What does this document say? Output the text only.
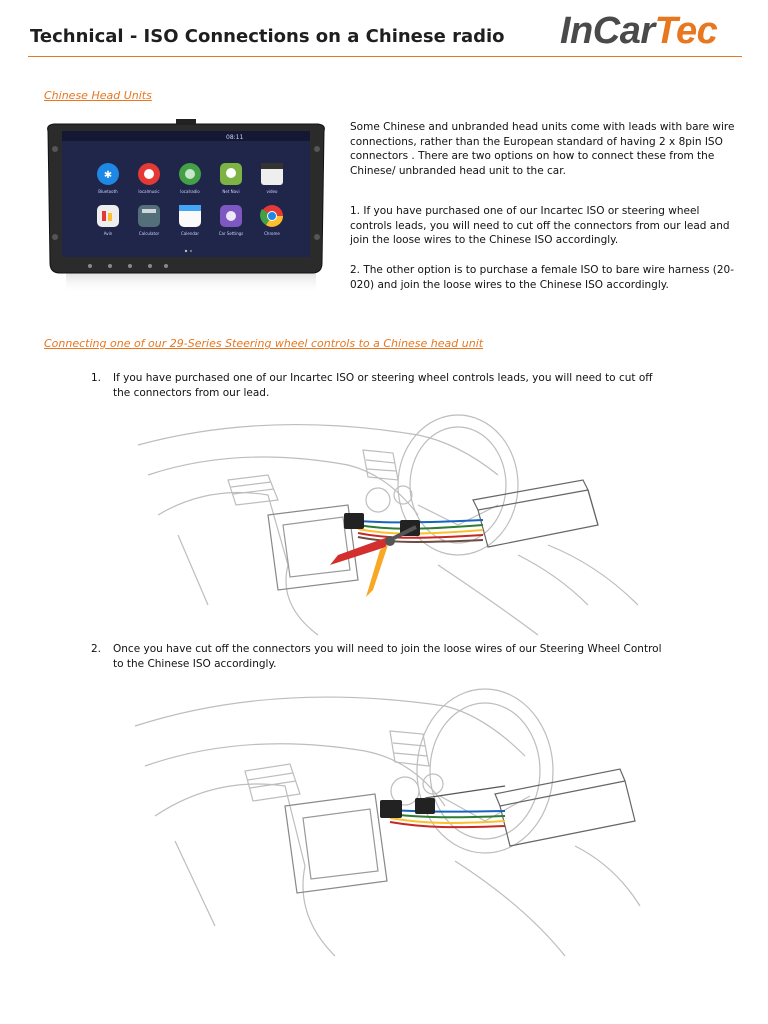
Technical - ISO Connections on a Chinese radio InCarTec
Chinese Head Units
08:11
✱
Bluetooth	localmusic	localradio	Net Navi	video
Avin	Calculator	Calendar	Car Settings	Chrome
Some Chinese and unbranded head units come with leads with bare wire connections, rather than the European standard of having 2 x 8pin ISO connectors . There are two options on how to connect these from the Chinese/ unbranded head unit to the car.
1. If you have purchased one of our Incartec ISO or steering wheel controls leads, you will need to cut off the connectors from our lead and join the loose wires to the Chinese ISO accordingly.
2. The other option is to purchase a female ISO to bare wire harness (20-020) and join the loose wires to the Chinese ISO accordingly.
Connecting one of our 29-Series Steering wheel controls to a Chinese head unit
1. If you have purchased one of our Incartec ISO or steering wheel controls leads, you will need to cut off the connectors from our lead.
2. Once you have cut off the connectors you will need to join the loose wires of our Steering Wheel Control to the Chinese ISO accordingly.
